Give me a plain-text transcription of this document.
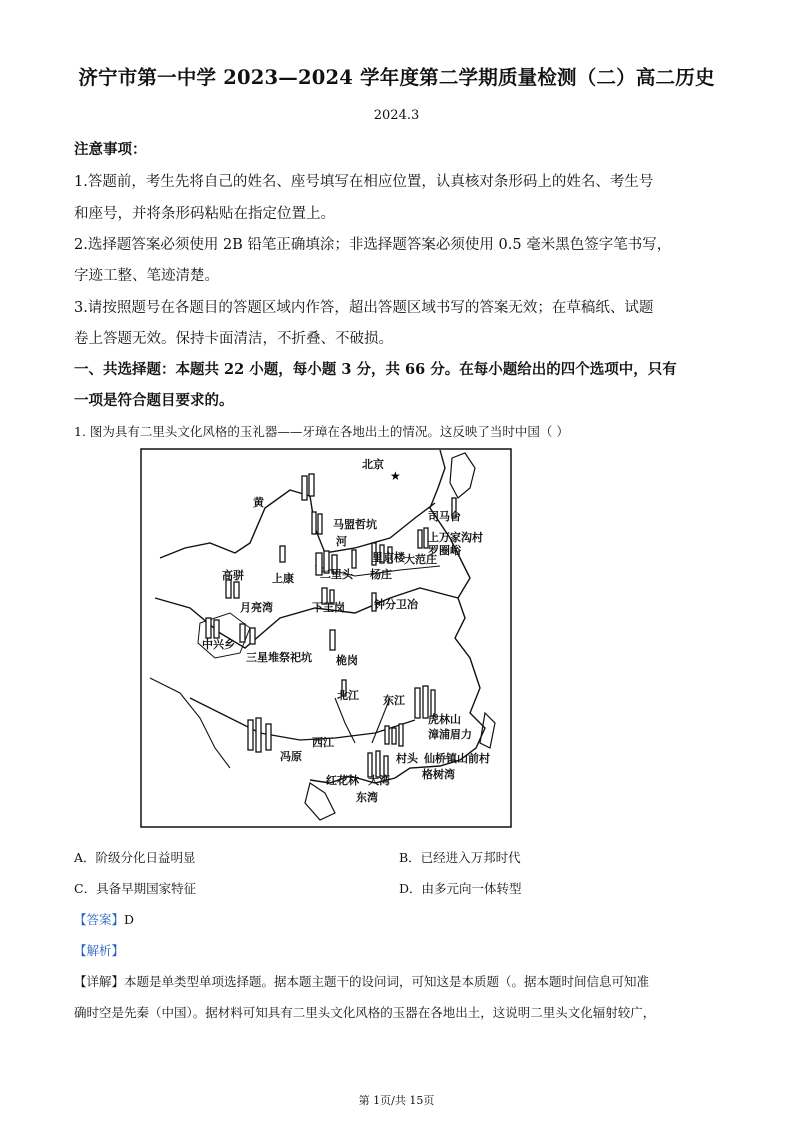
济宁市第一中学 2023—2024 学年度第二学期质量检测（二）高二历史
2024.3
注意事项：
1.答题前，考生先将自己的姓名、座号填写在相应位置，认真核对条形码上的姓名、考生号
和座号，并将条形码粘贴在指定位置上。
2.选择题答案必须使用 2B 铅笔正确填涂；非选择题答案必须使用 0.5 毫米黑色签字笔书写，
字迹工整、笔迹清楚。
3.请按照题号在各题目的答题区域内作答，超出答题区域书写的答案无效；在草稿纸、试题
卷上答题无效。保持卡面清洁，不折叠、不破损。
一、共选择题：本题共 22 小题，每小题 3 分，共 66 分。在每小题给出的四个选项中，只有
一项是符合题目要求的。
1. 图为具有二里头文化风格的玉礼器——牙璋在各地出土的情况。这反映了当时中国（ ）
★
北京
黄
河
马盟哲坑
司马台
上万家沟村
罗圈峪
里京楼 大范庄
高骈	上康 二里头 杨庄
月亮湾	下王岗	钟分卫冶
中兴乡
三星堆祭祀坑 桅岗
北江 东江
虎林山
漳浦眉力
西江
冯原	村头 仙桥镇山前村
红花林 大湾	格树湾
东湾
A．阶级分化日益明显	B．已经进入万邦时代
C．具备早期国家特征	D．由多元向一体转型
【答案】D
【解析】
【详解】本题是单类型单项选择题。据本题主题干的设问词，可知这是本质题（。据本题时间信息可知准
确时空是先秦（中国）。据材料可知具有二里头文化风格的玉器在各地出土，这说明二里头文化辐射较广，
第 1页/共 15页
